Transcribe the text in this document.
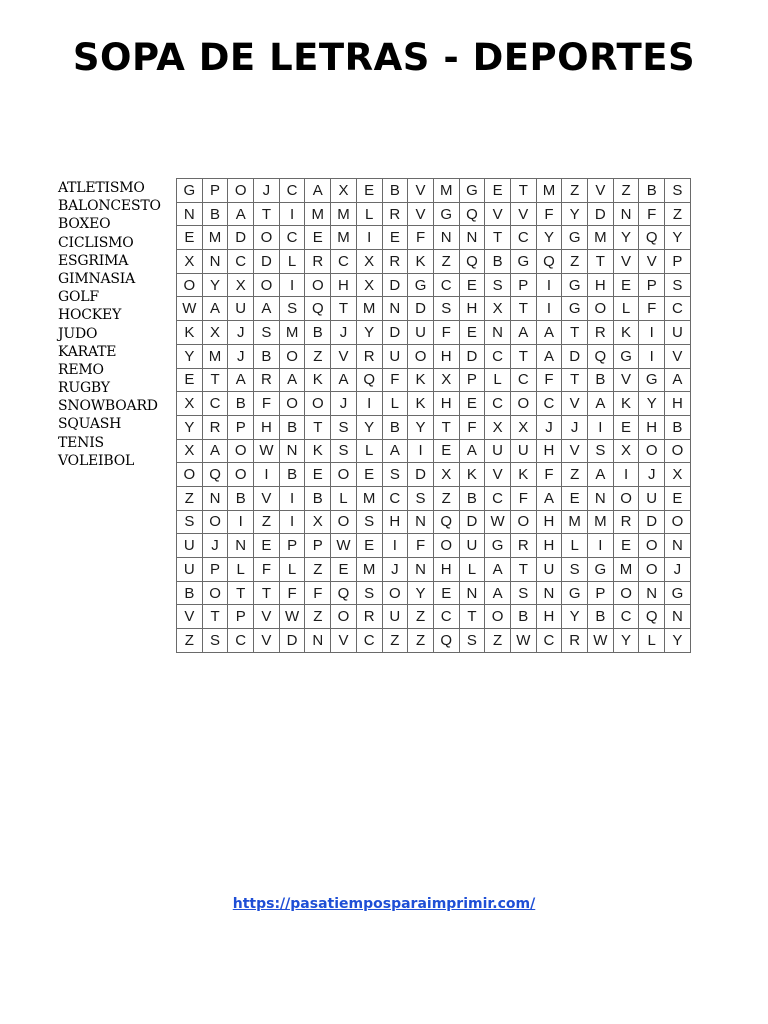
SOPA DE LETRAS - DEPORTES
ATLETISMO
BALONCESTO
BOXEO
CICLISMO
ESGRIMA
GIMNASIA
GOLF
HOCKEY
JUDO
KARATE
REMO
RUGBY
SNOWBOARD
SQUASH
TENIS
VOLEIBOL
G	P	O	J	C	A	X	E	B	V	M	G	E	T	M	Z	V	Z	B	S
N	B	A	T	I	M	M	L	R	V	G	Q	V	V	F	Y	D	N	F	Z
E	M	D	O	C	E	M	I	E	F	N	N	T	C	Y	G	M	Y	Q	Y
X	N	C	D	L	R	C	X	R	K	Z	Q	B	G	Q	Z	T	V	V	P
O	Y	X	O	I	O	H	X	D	G	C	E	S	P	I	G	H	E	P	S
W	A	U	A	S	Q	T	M	N	D	S	H	X	T	I	G	O	L	F	C
K	X	J	S	M	B	J	Y	D	U	F	E	N	A	A	T	R	K	I	U
Y	M	J	B	O	Z	V	R	U	O	H	D	C	T	A	D	Q	G	I	V
E	T	A	R	A	K	A	Q	F	K	X	P	L	C	F	T	B	V	G	A
X	C	B	F	O	O	J	I	L	K	H	E	C	O	C	V	A	K	Y	H
Y	R	P	H	B	T	S	Y	B	Y	T	F	X	X	J	J	I	E	H	B
X	A	O	W	N	K	S	L	A	I	E	A	U	U	H	V	S	X	O	O
O	Q	O	I	B	E	O	E	S	D	X	K	V	K	F	Z	A	I	J	X
Z	N	B	V	I	B	L	M	C	S	Z	B	C	F	A	E	N	O	U	E
S	O	I	Z	I	X	O	S	H	N	Q	D	W	O	H	M	M	R	D	O
U	J	N	E	P	P	W	E	I	F	O	U	G	R	H	L	I	E	O	N
U	P	L	F	L	Z	E	M	J	N	H	L	A	T	U	S	G	M	O	J
B	O	T	T	F	F	Q	S	O	Y	E	N	A	S	N	G	P	O	N	G
V	T	P	V	W	Z	O	R	U	Z	C	T	O	B	H	Y	B	C	Q	N
Z	S	C	V	D	N	V	C	Z	Z	Q	S	Z	W	C	R	W	Y	L	Y
https://pasatiemposparaimprimir.com/
